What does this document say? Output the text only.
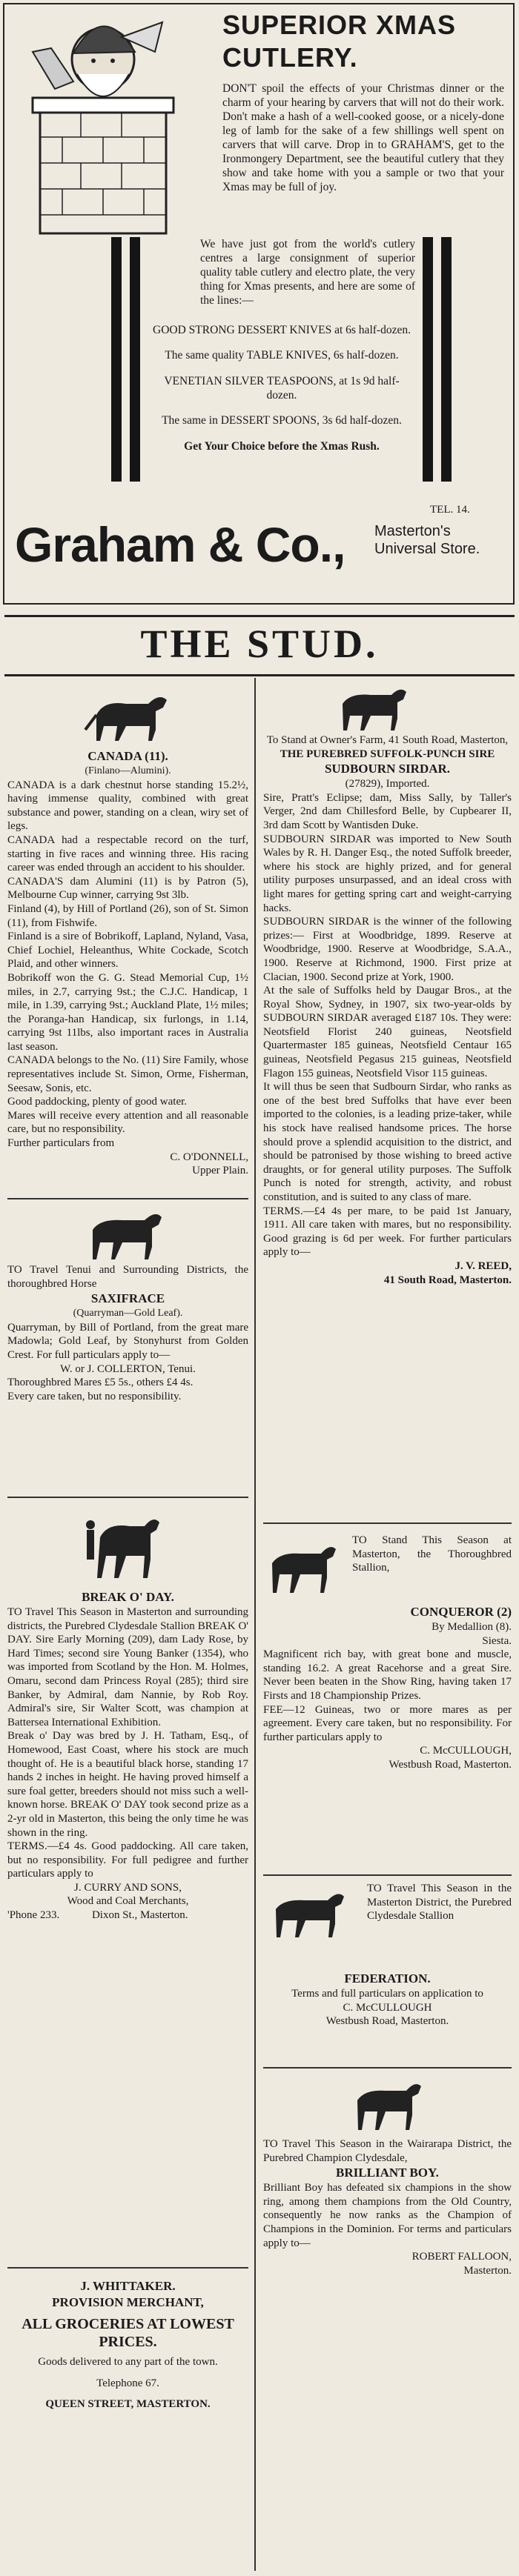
SUPERIOR XMAS CUTLERY.
DON'T spoil the effects of your Christmas dinner or the charm of your hearing by carvers that will not do their work. Don't make a hash of a well-cooked goose, or a nicely-done leg of lamb for the sake of a few shillings well spent on carvers that will carve. Drop in to GRAHAM'S, get to the Ironmongery Department, see the beautiful cutlery that they show and take home with you a sample or two that your Xmas may be full of joy.
We have just got from the world's cutlery centres a large consignment of superior quality table cutlery and electro plate, the very thing for Xmas presents, and here are some of the lines:—

GOOD STRONG DESSERT KNIVES at 6s half-dozen.

The same quality TABLE KNIVES, 6s half-dozen.

VENETIAN SILVER TEASPOONS, at 1s 9d half-dozen.

The same in DESSERT SPOONS, 3s 6d half-dozen.

Get Your Choice before the Xmas Rush.

Graham & Co.,
TEL. 14.
Masterton's Universal Store.
THE STUD.
CANADA (11).
(Finlano—Alumini).

CANADA is a dark chestnut horse standing 15.2½, having immense quality, combined with great substance and power, standing on a clean, wiry set of legs.

CANADA had a respectable record on the turf, starting in five races and winning three. His racing career was ended through an accident to his shoulder.

CANADA'S dam Alumini (11) is by Patron (5), Melbourne Cup winner, carrying 9st 3lb.

Finland (4), by Hill of Portland (26), son of St. Simon (11), from Fishwife.

Finland is a sire of Bobrikoff, Lapland, Nyland, Vasa, Chief Lochiel, Heleanthus, White Cockade, Scotch Plaid, and other winners.

Bobrikoff won the G. G. Stead Memorial Cup, 1½ miles, in 2.7, carrying 9st.; the C.J.C. Handicap, 1 mile, in 1.39, carrying 9st.; Auckland Plate, 1½ miles; the Poranga-han Handicap, six furlongs, in 1.14, carrying 9st 11lbs, also important races in Australia last season.

CANADA belongs to the No. (11) Sire Family, whose representatives include St. Simon, Orme, Fisherman, Seesaw, Sonis, etc.

Good paddocking, plenty of good water.

Mares will receive every attention and all reasonable care, but no responsibility.

Further particulars from

C. O'DONNELL,

Upper Plain.

TO Travel Tenui and Surrounding Districts, the thoroughbred Horse

SAXIFRACE
(Quarryman—Gold Leaf).

Quarryman, by Bill of Portland, from the great mare Madowla; Gold Leaf, by Stonyhurst from Golden Crest. For full particulars apply to—

W. or J. COLLERTON, Tenui.

Thoroughbred Mares £5 5s., others £4 4s.

Every care taken, but no responsibility.

BREAK O' DAY.

TO Travel This Season in Masterton and surrounding districts, the Purebred Clydesdale Stallion BREAK O' DAY. Sire Early Morning (209), dam Lady Rose, by Hard Times; second sire Young Banker (1354), who was imported from Scotland by the Hon. M. Holmes, Omaru, second dam Princess Royal (285); third sire Banker, by Admiral, dam Nannie, by Rob Roy. Admiral's sire, Sir Walter Scott, was champion at Battersea International Exhibition.

Break o' Day was bred by J. H. Tatham, Esq., of Homewood, East Coast, where his stock are much thought of. He is a beautiful black horse, standing 17 hands 2 inches in height. He having proved himself a sure foal getter, breeders should not miss such a well-known horse. BREAK O' DAY took second prize as a 2-yr old in Masterton, this being the only time he was shown in the ring.

TERMS.—£4 4s. Good paddocking. All care taken, but no responsibility. For full pedigree and further particulars apply to

J. CURRY AND SONS,

Wood and Coal Merchants,

'Phone 233.	Dixon St., Masterton.

J. WHITTAKER.
PROVISION MERCHANT,

ALL GROCERIES AT LOWEST PRICES.

Goods delivered to any part of the town.

Telephone 67.

QUEEN STREET, MASTERTON.

To Stand at Owner's Farm, 41 South Road, Masterton,

THE PUREBRED SUFFOLK-PUNCH SIRE

SUDBOURN SIRDAR.
(27829), Imported.

Sire, Pratt's Eclipse; dam, Miss Sally, by Taller's Verger, 2nd dam Chillesford Belle, by Cupbearer II, 3rd dam Scott by Wantisden Duke.

SUDBOURN SIRDAR was imported to New South Wales by R. H. Danger Esq., the noted Suffolk breeder, where his stock are highly prized, and for general utility purposes unsurpassed, and an ideal cross with light mares for getting spring cart and weight-carrying hacks.

SUDBOURN SIRDAR is the winner of the following prizes:— First at Woodbridge, 1899. Reserve at Woodbridge, 1900. Reserve at Woodbridge, S.A.A., 1900. Reserve at Richmond, 1900. First prize at Clacian, 1900. Second prize at York, 1900.

At the sale of Suffolks held by Daugar Bros., at the Royal Show, Sydney, in 1907, six two-year-olds by SUDBOURN SIRDAR averaged £187 10s. They were: Neotsfield Florist 240 guineas, Neotsfield Quartermaster 185 guineas, Neotsfield Centaur 165 guineas, Neotsfield Pegasus 215 guineas, Neotsfield Flagon 155 guineas, Neotsfield Visor 115 guineas.

It will thus be seen that Sudbourn Sirdar, who ranks as one of the best bred Suffolks that have ever been imported to the colonies, is a leading prize-taker, while his stock have realised handsome prices. The horse should prove a splendid acquisition to the district, and should be patronised by those wishing to breed active draughts, or for general utility purposes. The Suffolk Punch is noted for strength, activity, and robust constitution, and is suited to any class of mare.

TERMS.—£4 4s per mare, to be paid 1st January, 1911. All care taken with mares, but no responsibility. Good grazing is 6d per week. For further particulars apply to—

J. V. REED,

41 South Road, Masterton.

TO Stand This Season at Masterton, the Thoroughbred Stallion,
CONQUEROR (2)

By Medallion (8).

Siesta.

Magnificent rich bay, with great bone and muscle, standing 16.2. A great Racehorse and a great Sire. Never been beaten in the Show Ring, having taken 17 Firsts and 18 Championship Prizes.

FEE—12 Guineas, two or more mares as per agreement. Every care taken, but no responsibility. For further particulars apply to

C. McCULLOUGH,

Westbush Road, Masterton.

TO Travel This Season in the Masterton District, the Purebred Clydesdale Stallion
FEDERATION.

Terms and full particulars on application to

C. McCULLOUGH

Westbush Road, Masterton.

TO Travel This Season in the Wairarapa District, the Purebred Champion Clydesdale,

BRILLIANT BOY.

Brilliant Boy has defeated six champions in the show ring, among them champions from the Old Country, consequently he now ranks as the Champion of Champions in the Dominion. For terms and particulars apply to—

ROBERT FALLOON,

Masterton.
